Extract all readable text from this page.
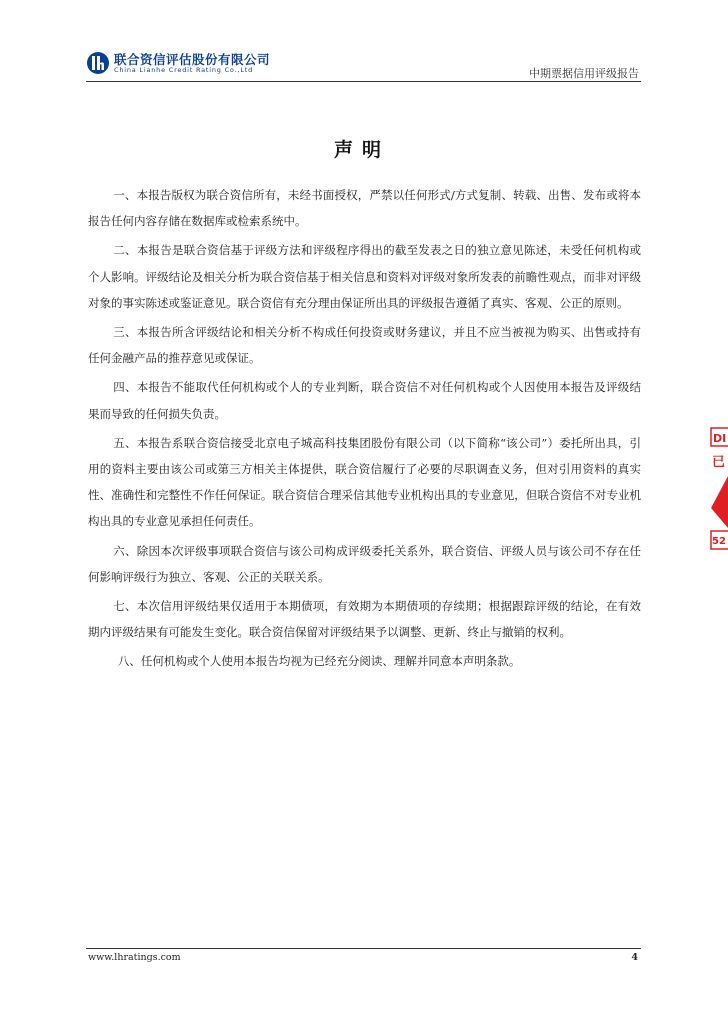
联合资信评估股份有限公司
China Lianhe Credit Rating Co.,Ltd	中期票据信用评级报告
声明

一、本报告版权为联合资信所有，未经书面授权，严禁以任何形式/方式复制、转载、出售、发布或将本报告任何内容存储在数据库或检索系统中。

二、本报告是联合资信基于评级方法和评级程序得出的截至发表之日的独立意见陈述，未受任何机构或个人影响。评级结论及相关分析为联合资信基于相关信息和资料对评级对象所发表的前瞻性观点，而非对评级对象的事实陈述或鉴证意见。联合资信有充分理由保证所出具的评级报告遵循了真实、客观、公正的原则。

三、本报告所含评级结论和相关分析不构成任何投资或财务建议，并且不应当被视为购买、出售或持有任何金融产品的推荐意见或保证。

四、本报告不能取代任何机构或个人的专业判断，联合资信不对任何机构或个人因使用本报告及评级结果而导致的任何损失负责。

五、本报告系联合资信接受北京电子城高科技集团股份有限公司（以下简称“该公司”）委托所出具，引用的资料主要由该公司或第三方相关主体提供，联合资信履行了必要的尽职调查义务，但对引用资料的真实性、准确性和完整性不作任何保证。联合资信合理采信其他专业机构出具的专业意见，但联合资信不对专业机构出具的专业意见承担任何责任。

六、除因本次评级事项联合资信与该公司构成评级委托关系外，联合资信、评级人员与该公司不存在任何影响评级行为独立、客观、公正的关联关系。

七、本次信用评级结果仅适用于本期债项，有效期为本期债项的存续期；根据跟踪评级的结论，在有效期内评级结果有可能发生变化。联合资信保留对评级结果予以调整、更新、终止与撤销的权利。

八、任何机构或个人使用本报告均视为已经充分阅读、理解并同意本声明条款。

DI
已
52
www.lhratings.com	4
